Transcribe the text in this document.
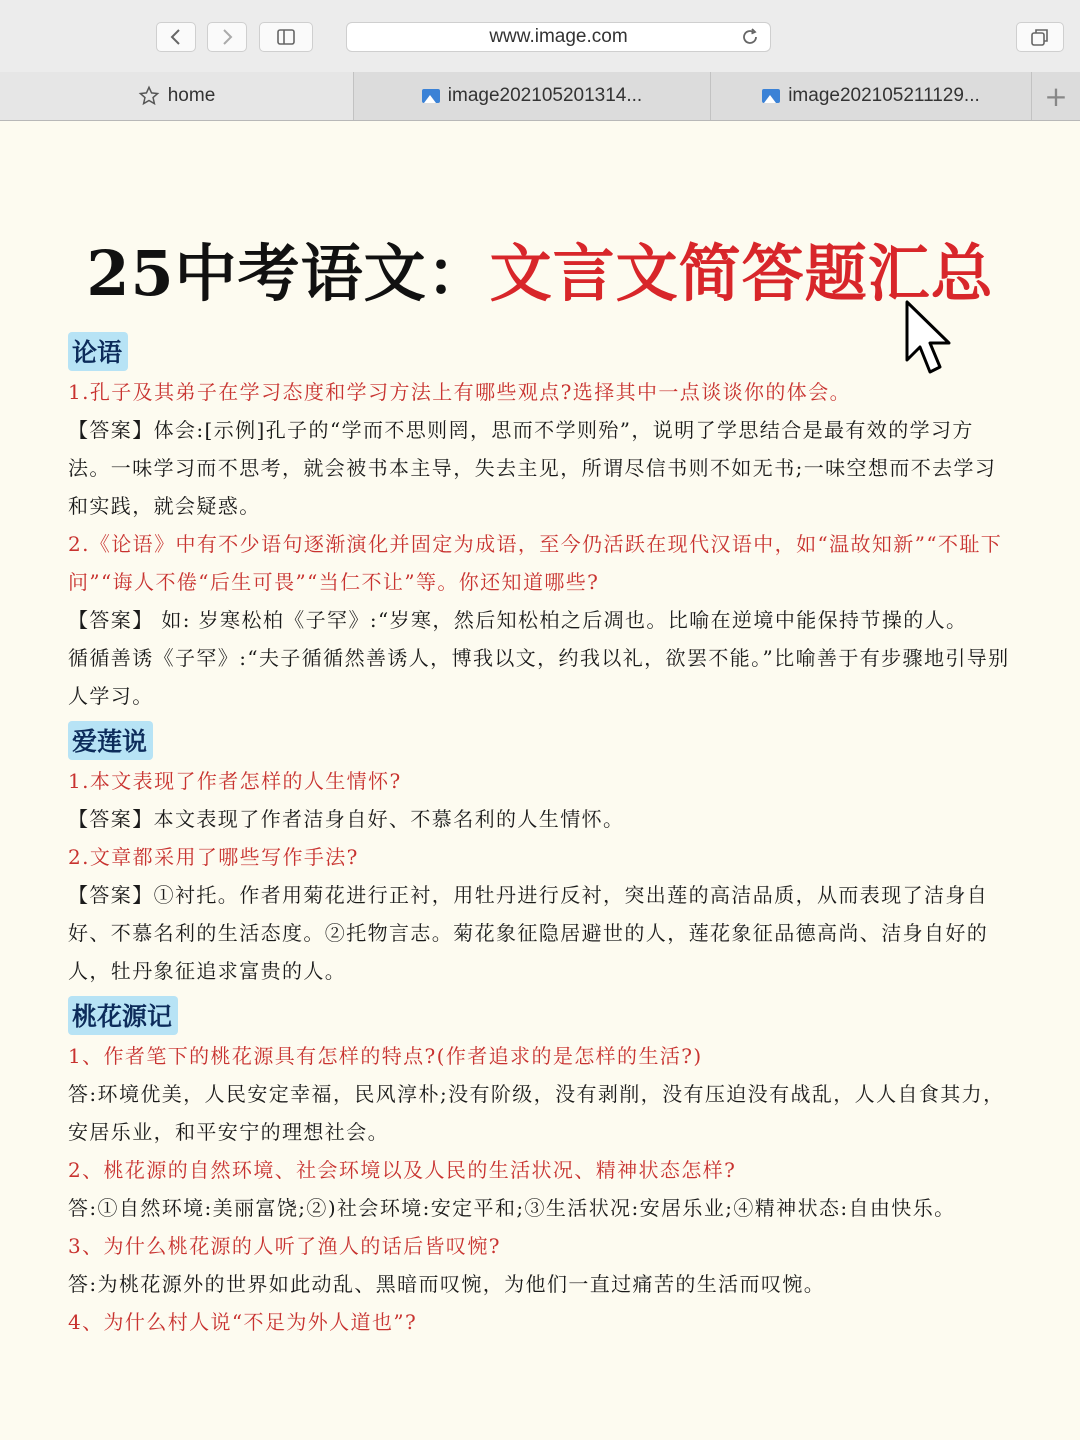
www.image.com
home	image202105201314...	image202105211129... +
25中考语文：文言文简答题汇总
论语
1.孔子及其弟子在学习态度和学习方法上有哪些观点?选择其中一点谈谈你的体会。
【答案】体会:[示例]孔子的“学而不思则罔，思而不学则殆”，说明了学思结合是最有效的学习方法。一味学习而不思考，就会被书本主导，失去主见，所谓尽信书则不如无书;一味空想而不去学习和实践，就会疑惑。
2.《论语》中有不少语句逐渐演化并固定为成语，至今仍活跃在现代汉语中，如“温故知新”“不耻下问”“诲人不倦“后生可畏”“当仁不让”等。你还知道哪些?
【答案】 如: 岁寒松柏《子罕》:“岁寒，然后知松柏之后凋也。比喻在逆境中能保持节操的人。
循循善诱《子罕》:“夫子循循然善诱人，博我以文，约我以礼，欲罢不能。”比喻善于有步骤地引导别人学习。
爱莲说
1.本文表现了作者怎样的人生情怀?
【答案】本文表现了作者洁身自好、不慕名利的人生情怀。
2.文章都采用了哪些写作手法?
【答案】①衬托。作者用菊花进行正衬，用牡丹进行反衬，突出莲的高洁品质，从而表现了洁身自好、不慕名利的生活态度。②托物言志。菊花象征隐居避世的人，莲花象征品德高尚、洁身自好的人，牡丹象征追求富贵的人。
桃花源记
1、作者笔下的桃花源具有怎样的特点?(作者追求的是怎样的生活?)
答:环境优美，人民安定幸福，民风淳朴;没有阶级，没有剥削，没有压迫没有战乱，人人自食其力，安居乐业，和平安宁的理想社会。
2、桃花源的自然环境、社会环境以及人民的生活状况、精神状态怎样?
答:①自然环境:美丽富饶;②)社会环境:安定平和;③生活状况:安居乐业;④精神状态:自由快乐。
3、为什么桃花源的人听了渔人的话后皆叹惋?
答:为桃花源外的世界如此动乱、黑暗而叹惋，为他们一直过痛苦的生活而叹惋。
4、为什么村人说“不足为外人道也”?
